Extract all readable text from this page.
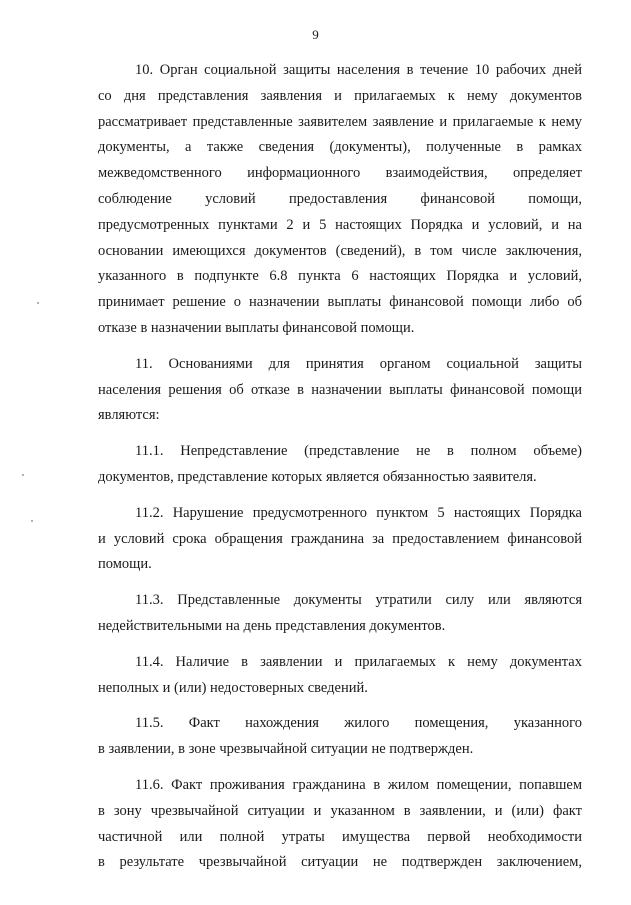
9
10. Орган социальной защиты населения в течение 10 рабочих дней
со дня представления заявления и прилагаемых к нему документов
рассматривает представленные заявителем заявление и прилагаемые к нему
документы, а также сведения (документы), полученные в рамках
межведомственного информационного взаимодействия, определяет
соблюдение условий предоставления финансовой помощи,
предусмотренных пунктами 2 и 5 настоящих Порядка и условий, и на
основании имеющихся документов (сведений), в том числе заключения,
указанного в подпункте 6.8 пункта 6 настоящих Порядка и условий,
принимает решение о назначении выплаты финансовой помощи либо об
отказе в назначении выплаты финансовой помощи.
11. Основаниями для принятия органом социальной защиты
населения решения об отказе в назначении выплаты финансовой помощи
являются:
11.1. Непредставление (представление не в полном объеме)
документов, представление которых является обязанностью заявителя.
11.2. Нарушение предусмотренного пунктом 5 настоящих Порядка
и условий срока обращения гражданина за предоставлением финансовой
помощи.
11.3. Представленные документы утратили силу или являются
недействительными на день представления документов.
11.4. Наличие в заявлении и прилагаемых к нему документах
неполных и (или) недостоверных сведений.
11.5. Факт нахождения жилого помещения, указанного
в заявлении, в зоне чрезвычайной ситуации не подтвержден.
11.6. Факт проживания гражданина в жилом помещении, попавшем
в зону чрезвычайной ситуации и указанном в заявлении, и (или) факт
частичной или полной утраты имущества первой необходимости
в результате чрезвычайной ситуации не подтвержден заключением,
